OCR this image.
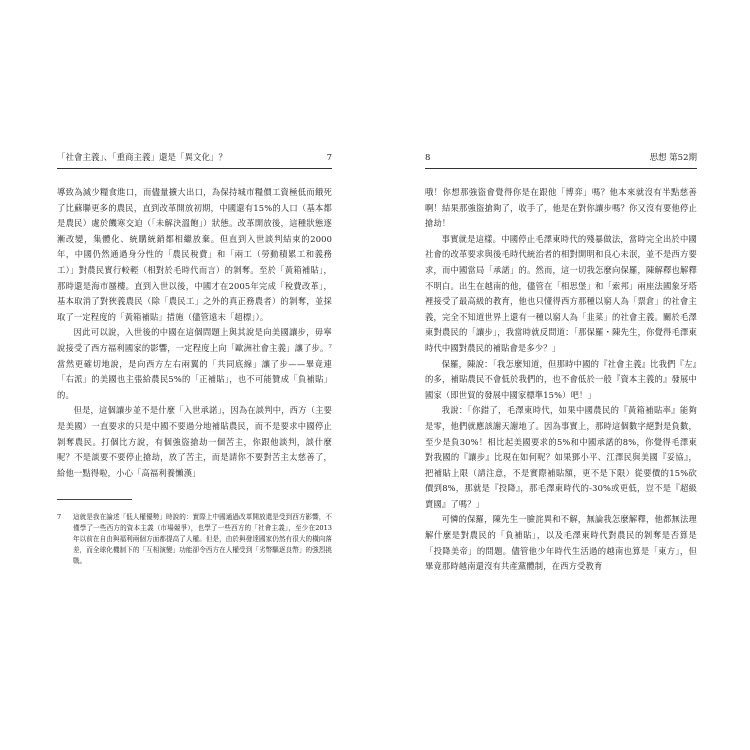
「社會主義」、「重商主義」還是「異文化」？	7

導致為減少糧食進口，而儘量擴大出口，為保持城市糧價工資極低而餓死了比蘇聯更多的農民，直到改革開放初期，中國還有15%的人口（基本都是農民）處於饑寒交迫（「未解決溫飽」）狀態。改革開放後，這種狀態逐漸改變，集體化、統購統銷都相繼放棄。但直到入世談判結束的2000年，中國仍然通過身分性的「農民稅費」和「兩工（勞動積累工和義務工）」對農民實行較輕（相對於毛時代而言）的剝奪。至於「黃箱補貼」，那時還是海市蜃樓。直到入世以後，中國才在2005年完成「稅費改革」，基本取消了對狹義農民（除「農民工」之外的真正務農者）的剝奪，並採取了一定程度的「黃箱補貼」措施（儘管遠未「超標」）。

因此可以說，入世後的中國在這個問題上與其說是向美國讓步，毋寧說接受了西方福利國家的影響，一定程度上向「歐洲社會主義」讓了步。⁷當然更確切地說，是向西方左右兩翼的「共同底線」讓了步——畢竟連「右派」的美國也主張給農民5%的「正補貼」，也不可能贊成「負補貼」的。

但是，這個讓步並不是什麼「入世承諾」，因為在談判中，西方（主要是美國）一直要求的只是中國不要過分地補貼農民，而不是要求中國停止剝奪農民。打個比方說，有個強盜搶劫一個苦主，你跟他談判，談什麼呢？不是談要不要停止搶劫，放了苦主，而是請你不要對苦主太慈善了，給他一點得啦，小心「高福利養懶漢」

7	這就是我在論述「低人權優勢」時說的：實際上中國通過改革開放還是受到西方影響，不僅學了一些西方的資本主義（市場競爭），也學了一些西方的「社會主義」，至少在2013年以前在自由與福利兩個方面都提高了人權。但是，由於與發達國家仍然有很大的橫向落差，而全球化機制下的「互相演變」功能卻令西方在人權受到「劣幣驅逐良幣」的強烈挑戰。
8	思想 第52期

哦！你想那強盜會覺得你是在跟他「博弈」嗎？他本來就沒有半點慈善啊！結果那強盜搶夠了，收手了，他是在對你讓步嗎？你又沒有要他停止搶劫！

事實就是這樣。中國停止毛澤東時代的殘暴做法，當時完全出於中國社會的改革要求與後毛時代統治者的相對開明和良心未泯，並不是西方要求，而中國當局「承諾」的。然而，這一切我怎麼向保羅，陳解釋也解釋不明白。出生在越南的他，儘管在「相思堡」和「索邦」兩座法國象牙塔裡接受了最高級的教育，他也只懂得西方那種以窮人為「票倉」的社會主義，完全不知道世界上還有一種以窮人為「韭菜」的社會主義。關於毛澤東對農民的「讓步」，我當時就反問道：「那保羅・陳先生，你覺得毛澤東時代中國對農民的補貼會是多少？」

保羅，陳說：「我怎麼知道，但那時中國的『社會主義』比我們『左』的多，補貼農民不會低於我們的，也不會低於一般『資本主義的』發展中國家（即世貿的發展中國家標準15%）吧！」

我說：「你錯了，毛澤東時代，如果中國農民的『黃箱補貼率』能夠是零，他們就應該謝天謝地了。因為事實上，那時這個數字絕對是負數，至少是負30%！相比起美國要求的5%和中國承諾的8%，你覺得毛澤東對我國的『讓步』比現在如何呢？如果鄧小平、江澤民與美國『妥協』，把補貼上限（請注意，不是實際補貼額，更不是下限）從要價的15%砍價到8%，那就是『投降』，那毛澤東時代的-30%或更低，豈不是『超級賣國』了嗎？」

可憐的保羅，陳先生一臉詫異和不解，無論我怎麼解釋，他都無法理解什麼是對農民的「負補貼」，以及毛澤東時代對農民的剝奪是否算是「投降美帝」的問題。儘管他少年時代生活過的越南也算是「東方」，但畢竟那時越南還沒有共產黨體制，在西方受教育
